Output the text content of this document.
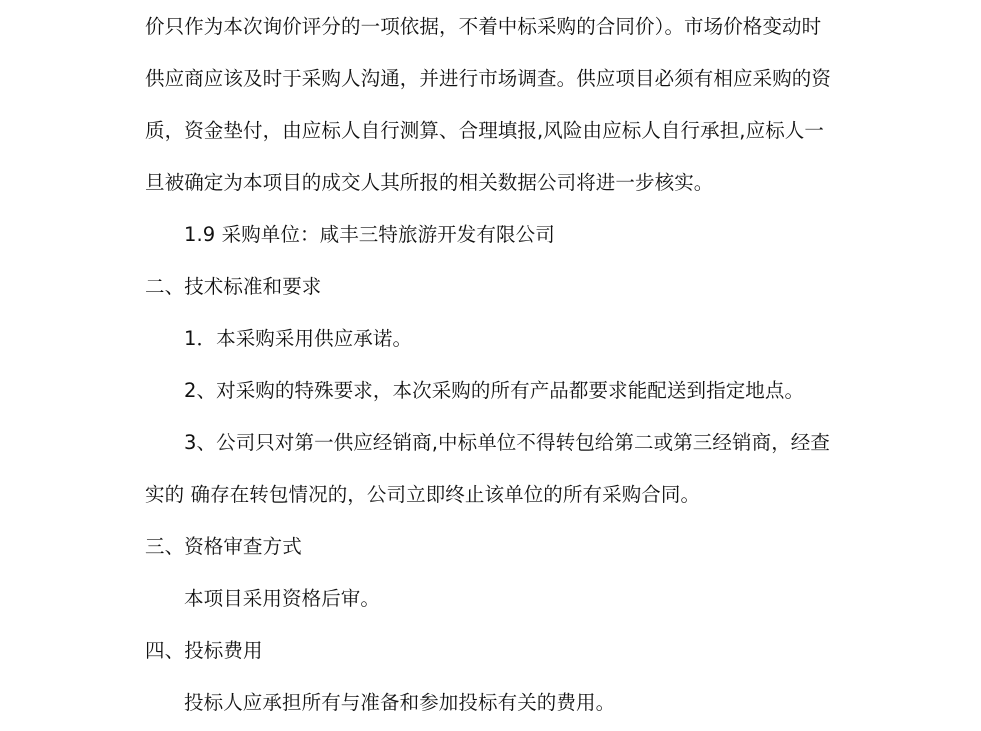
价只作为本次询价评分的一项依据，不着中标采购的合同价）。市场价格变动时
供应商应该及时于采购人沟通，并进行市场调查。供应项目必须有相应采购的资
质，资金垫付，由应标人自行测算、合理填报,风险由应标人自行承担,应标人一
旦被确定为本项目的成交人其所报的相关数据公司将进一步核实。
1.9 采购单位：咸丰三特旅游开发有限公司
二、技术标准和要求
1．本采购采用供应承诺。
2、对采购的特殊要求，本次采购的所有产品都要求能配送到指定地点。
3、公司只对第一供应经销商,中标单位不得转包给第二或第三经销商，经查
实的 确存在转包情况的，公司立即终止该单位的所有采购合同。
三、资格审查方式
本项目采用资格后审。
四、投标费用
投标人应承担所有与准备和参加投标有关的费用。
